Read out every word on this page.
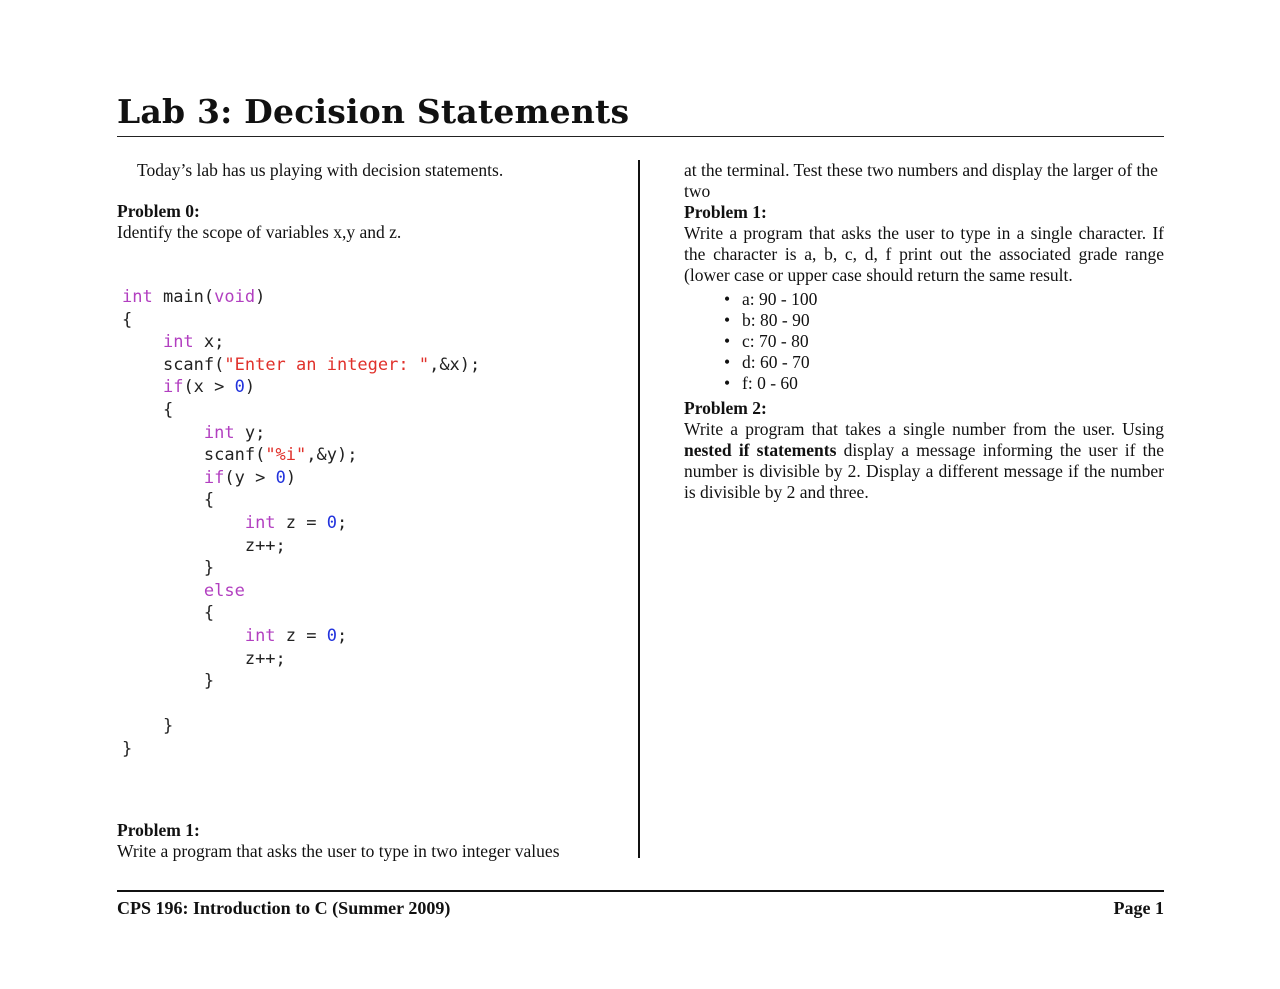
Lab 3: Decision Statements

Today’s lab has us playing with decision statements.

Problem 0:

Identify the scope of variables x,y and z.

int main(void)
{
int x;
scanf("Enter an integer: ",&x);
if(x > 0)
{
int y;
scanf("%i",&y);
if(y > 0)
{
int z = 0;
z++;
}
else
{
int z = 0;
z++;
}

}
}

Problem 1:

Write a program that asks the user to type in two integer values

at the terminal. Test these two numbers and display the larger of the two

Problem 1:

Write a program that asks the user to type in a single character. If the character is a, b, c, d, f print out the associated grade range (lower case or upper case should return the same result.

• a: 90 - 100
• b: 80 - 90
• c: 70 - 80
• d: 60 - 70
• f: 0 - 60

Problem 2:

Write a program that takes a single number from the user. Using nested if statements display a message informing the user if the number is divisible by 2. Display a different message if the number is divisible by 2 and three.

CPS 196: Introduction to C (Summer 2009)	Page 1
